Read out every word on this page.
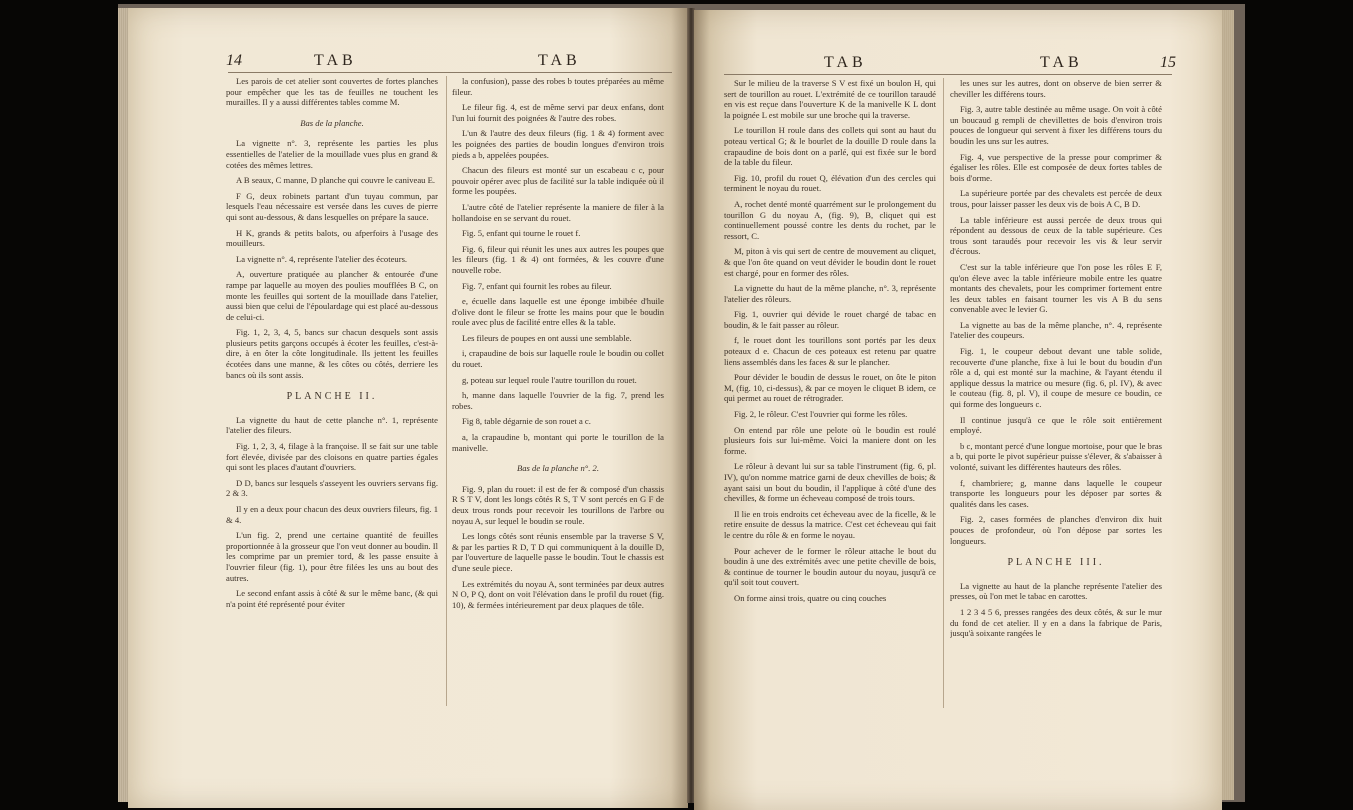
14	TAB	TAB

Les parois de cet atelier sont couvertes de fortes planches pour empêcher que les tas de feuilles ne touchent les murailles. Il y a aussi différentes tables comme M.

Bas de la planche.

La vignette n°. 3, représente les parties les plus essentielles de l'atelier de la mouillade vues plus en grand & cotées des mêmes lettres.

A B seaux, C manne, D planche qui couvre le caniveau E.

F G, deux robinets partant d'un tuyau commun, par lesquels l'eau nécessaire est versée dans les cuves de pierre qui sont au-dessous, & dans lesquelles on prépare la sauce.

H K, grands & petits balots, ou afperfoirs à l'usage des mouilleurs.

La vignette n°. 4, représente l'atelier des écoteurs.

A, ouverture pratiquée au plancher & entourée d'une rampe par laquelle au moyen des poulies moufflées B C, on monte les feuilles qui sortent de la mouillade dans l'atelier, aussi bien que celui de l'époulardage qui est placé au-dessous de celui-ci.

Fig. 1, 2, 3, 4, 5, bancs sur chacun desquels sont assis plusieurs petits garçons occupés à écoter les feuilles, c'est-à-dire, à en ôter la côte longitudinale. Ils jettent les feuilles écotées dans une manne, & les côtes ou côtés, derriere les bancs où ils sont assis.

PLANCHE II.

La vignette du haut de cette planche n°. 1, représente l'atelier des fileurs.

Fig. 1, 2, 3, 4, filage à la françoise. Il se fait sur une table fort élevée, divisée par des cloisons en quatre parties égales qui sont les places d'autant d'ouvriers.

D D, bancs sur lesquels s'asseyent les ouvriers servans fig. 2 & 3.

Il y en a deux pour chacun des deux ouvriers fileurs, fig. 1 & 4.

L'un fig. 2, prend une certaine quantité de feuilles proportionnée à la grosseur que l'on veut donner au boudin. Il les comprime par un premier tord, & les passe ensuite à l'ouvrier fileur (fig. 1), pour être filées les uns au bout des autres.

Le second enfant assis à côté & sur le même banc, (& qui n'a point été représenté pour éviter

la confusion), passe des robes b toutes préparées au même fileur.

Le fileur fig. 4, est de même servi par deux enfans, dont l'un lui fournit des poignées & l'autre des robes.

L'un & l'autre des deux fileurs (fig. 1 & 4) forment avec les poignées des parties de boudin longues d'environ trois pieds a b, appelées poupées.

Chacun des fileurs est monté sur un escabeau c c, pour pouvoir opérer avec plus de facilité sur la table indiquée où il forme les poupées.

L'autre côté de l'atelier représente la maniere de filer à la hollandoise en se servant du rouet.

Fig. 5, enfant qui tourne le rouet f.

Fig. 6, fileur qui réunit les unes aux autres les poupes que les fileurs (fig. 1 & 4) ont formées, & les couvre d'une nouvelle robe.

Fig. 7, enfant qui fournit les robes au fileur.

e, écuelle dans laquelle est une éponge imbibée d'huile d'olive dont le fileur se frotte les mains pour que le boudin roule avec plus de facilité entre elles & la table.

Les fileurs de poupes en ont aussi une semblable.

i, crapaudine de bois sur laquelle roule le boudin ou collet du rouet.

g, poteau sur lequel roule l'autre tourillon du rouet.

h, manne dans laquelle l'ouvrier de la fig. 7, prend les robes.

Fig 8, table dégarnie de son rouet a c.

a, la crapaudine b, montant qui porte le tourillon de la manivelle.

Bas de la planche n°. 2.

Fig. 9, plan du rouet: il est de fer & composé d'un chassis R S T V, dont les longs côtés R S, T V sont percés en G F de deux trous ronds pour recevoir les tourillons de l'arbre ou noyau A, sur lequel le boudin se roule.

Les longs côtés sont réunis ensemble par la traverse S V, & par les parties R D, T D qui communiquent à la douille D, par l'ouverture de laquelle passe le boudin. Tout le chassis est d'une seule piece.

Les extrémités du noyau A, sont terminées par deux autres N O, P Q, dont on voit l'élévation dans le profil du rouet (fig. 10), & fermées intérieurement par deux plaques de tôle.

TAB	TAB	15

Sur le milieu de la traverse S V est fixé un boulon H, qui sert de tourillon au rouet. L'extrémité de ce tourillon taraudé en vis est reçue dans l'ouverture K de la manivelle K L dont la poignée L est mobile sur une broche qui la traverse.

Le tourillon H roule dans des collets qui sont au haut du poteau vertical G; & le bourlet de la douille D roule dans la crapaudine de bois dont on a parlé, qui est fixée sur le bord de la table du fileur.

Fig. 10, profil du rouet Q, élévation d'un des cercles qui terminent le noyau du rouet.

A, rochet denté monté quarrément sur le prolongement du tourillon G du noyau A, (fig. 9), B, cliquet qui est continuellement poussé contre les dents du rochet, par le ressort, C.

M, piton à vis qui sert de centre de mouvement au cliquet, & que l'on ôte quand on veut dévider le boudin dont le rouet est chargé, pour en former des rôles.

La vignette du haut de la même planche, n°. 3, représente l'atelier des rôleurs.

Fig. 1, ouvrier qui dévide le rouet chargé de tabac en boudin, & le fait passer au rôleur.

f, le rouet dont les tourillons sont portés par les deux poteaux d e. Chacun de ces poteaux est retenu par quatre liens assemblés dans les faces & sur le plancher.

Pour dévider le boudin de dessus le rouet, on ôte le piton M, (fig. 10, ci-dessus), & par ce moyen le cliquet B idem, ce qui permet au rouet de rétrograder.

Fig. 2, le rôleur. C'est l'ouvrier qui forme les rôles.

On entend par rôle une pelote où le boudin est roulé plusieurs fois sur lui-même. Voici la maniere dont on les forme.

Le rôleur à devant lui sur sa table l'instrument (fig. 6, pl. IV), qu'on nomme matrice garni de deux chevilles de bois; & ayant saisi un bout du boudin, il l'applique à côté d'une des chevilles, & forme un écheveau composé de trois tours.

Il lie en trois endroits cet écheveau avec de la ficelle, & le retire ensuite de dessus la matrice. C'est cet écheveau qui fait le centre du rôle & en forme le noyau.

Pour achever de le former le rôleur attache le bout du boudin à une des extrémités avec une petite cheville de bois, & continue de tourner le boudin autour du noyau, jusqu'à ce qu'il soit tout couvert.

On forme ainsi trois, quatre ou cinq couches

les unes sur les autres, dont on observe de bien serrer & cheviller les différens tours.

Fig. 3, autre table destinée au même usage. On voit à côté un boucaud g rempli de chevillettes de bois d'environ trois pouces de longueur qui servent à fixer les différens tours du boudin les uns sur les autres.

Fig. 4, vue perspective de la presse pour comprimer & égaliser les rôles. Elle est composée de deux fortes tables de bois d'orme.

La supérieure portée par des chevalets est percée de deux trous, pour laisser passer les deux vis de bois A C, B D.

La table inférieure est aussi percée de deux trous qui répondent au dessous de ceux de la table supérieure. Ces trous sont taraudés pour recevoir les vis & leur servir d'écrous.

C'est sur la table inférieure que l'on pose les rôles E F, qu'on éleve avec la table inférieure mobile entre les quatre montants des chevalets, pour les comprimer fortement entre les deux tables en faisant tourner les vis A B du sens convenable avec le levier G.

La vignette au bas de la même planche, n°. 4, représente l'atelier des coupeurs.

Fig. 1, le coupeur debout devant une table solide, recouverte d'une planche, fixe à lui le bout du boudin d'un rôle a d, qui est monté sur la machine, & l'ayant étendu il applique dessus la matrice ou mesure (fig. 6, pl. IV), & avec le couteau (fig. 8, pl. V), il coupe de mesure ce boudin, ce qui forme des longueurs c.

Il continue jusqu'à ce que le rôle soit entièrement employé.

b c, montant percé d'une longue mortoise, pour que le bras a b, qui porte le pivot supérieur puisse s'élever, & s'abaisser à volonté, suivant les différentes hauteurs des rôles.

f, chambriere; g, manne dans laquelle le coupeur transporte les longueurs pour les déposer par sortes & qualités dans les cases.

Fig. 2, cases formées de planches d'environ dix huit pouces de profondeur, où l'on dépose par sortes les longueurs.

PLANCHE III.

La vignette au haut de la planche représente l'atelier des presses, où l'on met le tabac en carottes.

1 2 3 4 5 6, presses rangées des deux côtés, & sur le mur du fond de cet atelier. Il y en a dans la fabrique de Paris, jusqu'à soixante rangées le
